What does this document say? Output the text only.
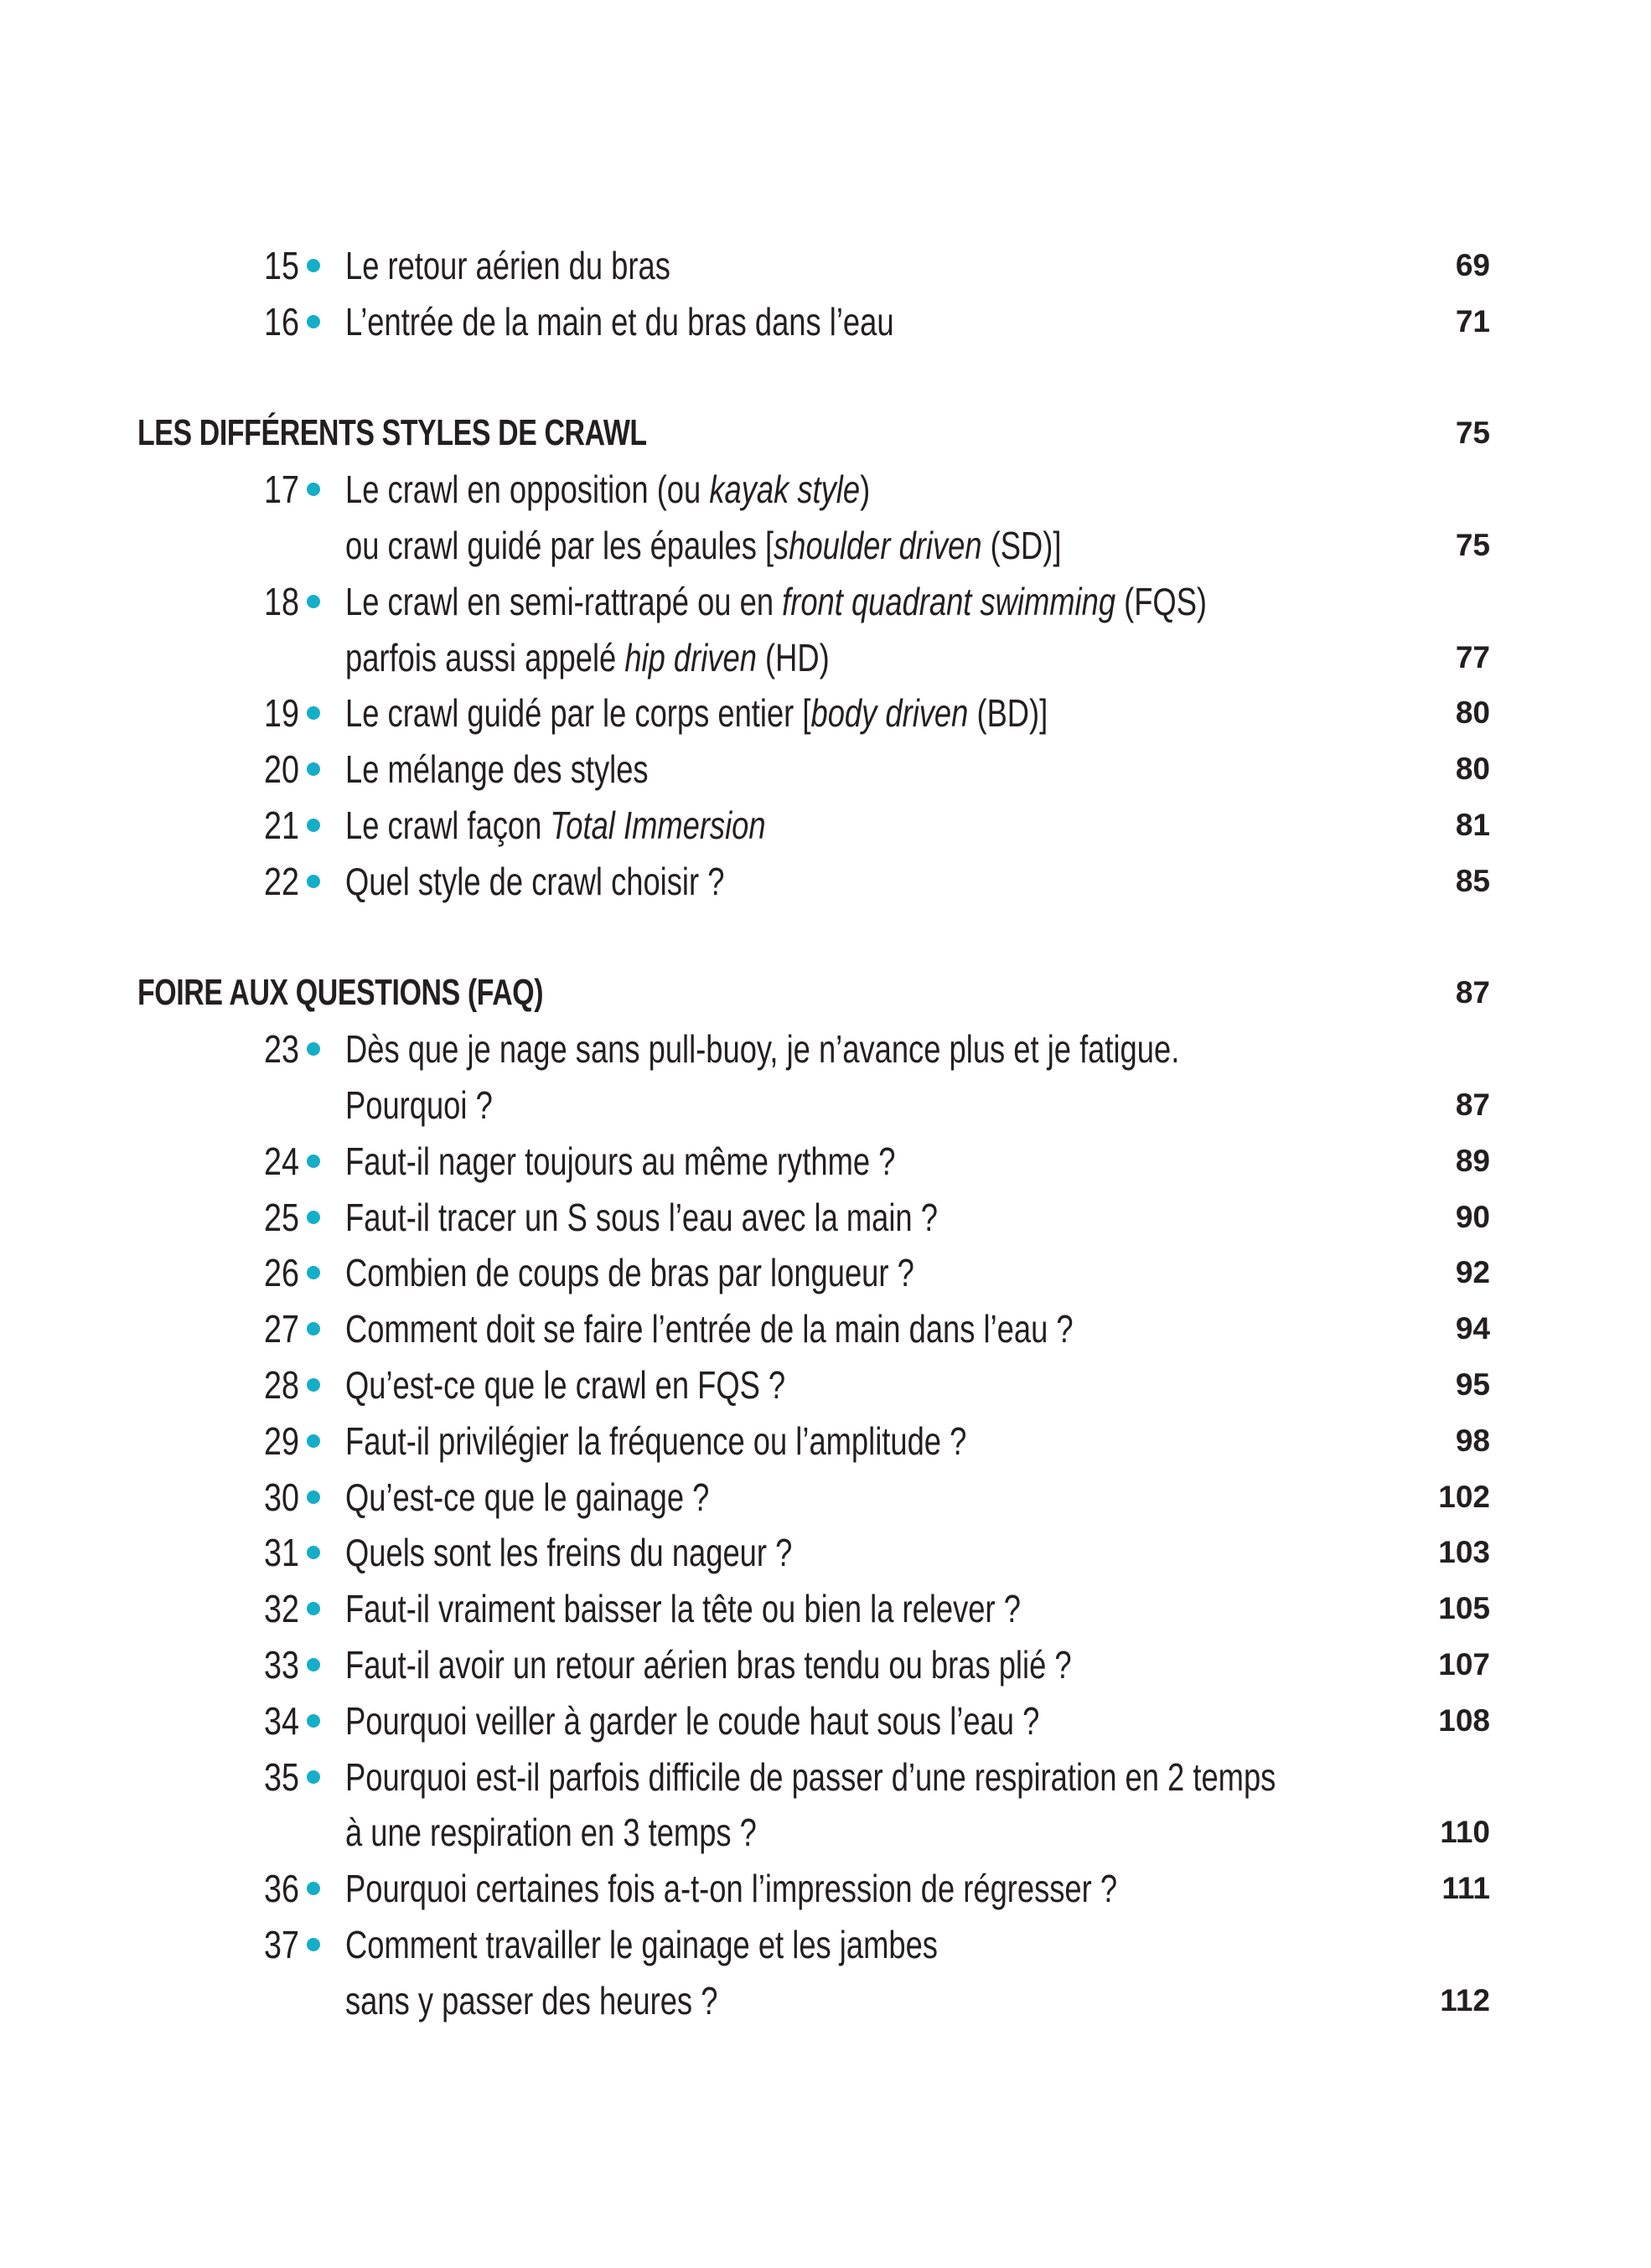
15 Le retour aérien du bras	69
16 L’entrée de la main et du bras dans l’eau	71
LES DIFFÉRENTS STYLES DE CRAWL	75
17 Le crawl en opposition (ou kayak style)
ou crawl guidé par les épaules [shoulder driven (SD)]	75
18 Le crawl en semi-rattrapé ou en front quadrant swimming (FQS)
parfois aussi appelé hip driven (HD)	77
19 Le crawl guidé par le corps entier [body driven (BD)]	80
20 Le mélange des styles	80
21 Le crawl façon Total Immersion	81
22 Quel style de crawl choisir ?	85
FOIRE AUX QUESTIONS (FAQ)	87
23 Dès que je nage sans pull-buoy, je n’avance plus et je fatigue.
Pourquoi ?	87
24 Faut-il nager toujours au même rythme ?	89
25 Faut-il tracer un S sous l’eau avec la main ?	90
26 Combien de coups de bras par longueur ?	92
27 Comment doit se faire l’entrée de la main dans l’eau ?	94
28 Qu’est-ce que le crawl en FQS ?	95
29 Faut-il privilégier la fréquence ou l’amplitude ?	98
30 Qu’est-ce que le gainage ?	102
31 Quels sont les freins du nageur ?	103
32 Faut-il vraiment baisser la tête ou bien la relever ?	105
33 Faut-il avoir un retour aérien bras tendu ou bras plié ?	107
34 Pourquoi veiller à garder le coude haut sous l’eau ?	108
35 Pourquoi est-il parfois difficile de passer d’une respiration en 2 temps
à une respiration en 3 temps ?	110
36 Pourquoi certaines fois a-t-on l’impression de régresser ?	111
37 Comment travailler le gainage et les jambes
sans y passer des heures ?	112
